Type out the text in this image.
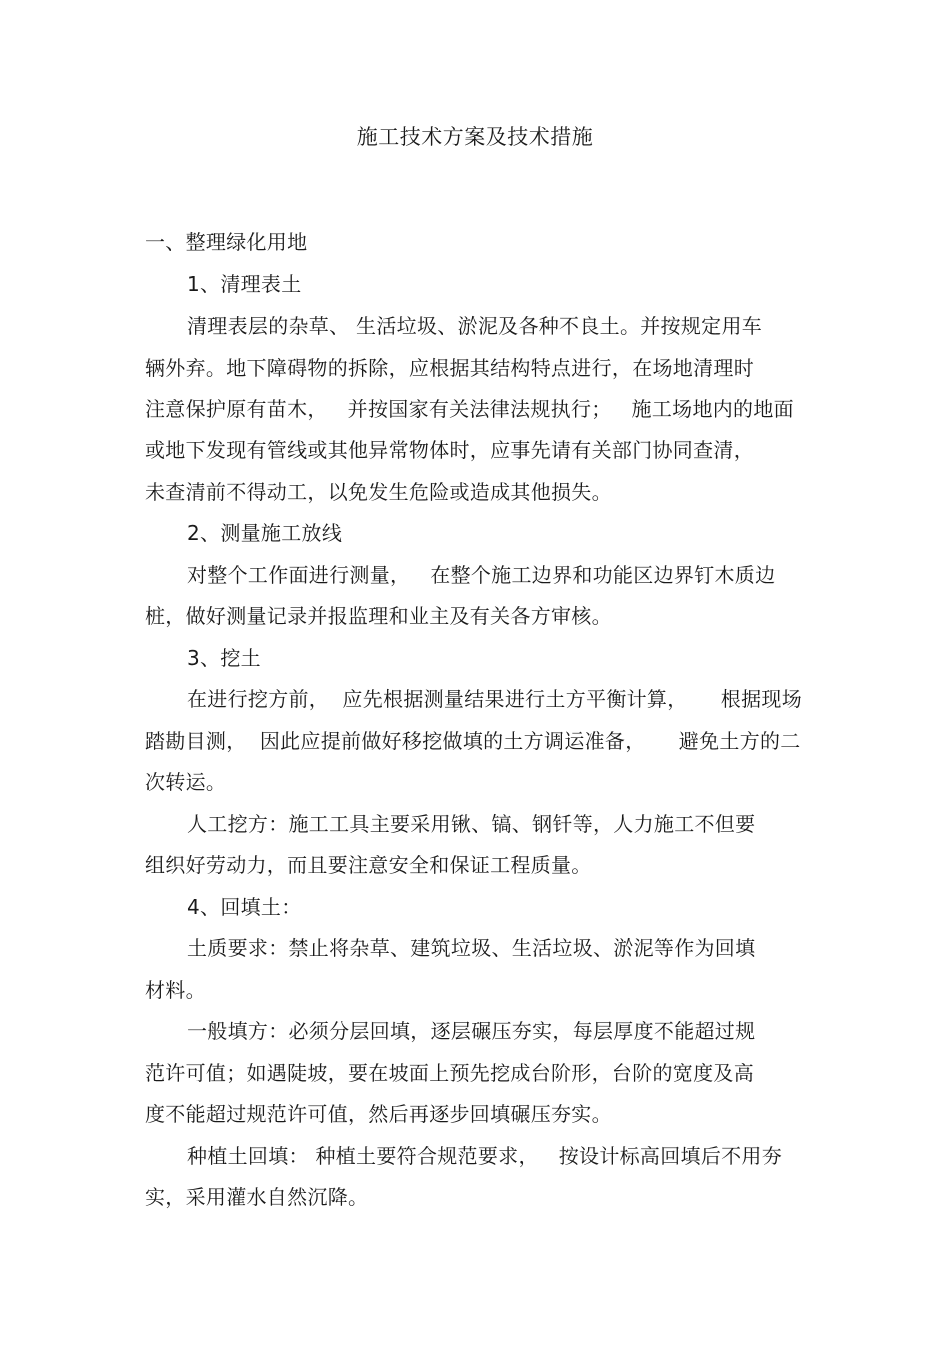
施工技术方案及技术措施
一、整理绿化用地
1、清理表土
清理表层的杂草、 生活垃圾、淤泥及各种不良土。并按规定用车
辆外弃。地下障碍物的拆除，应根据其结构特点进行，在场地清理时
注意保护原有苗木，   并按国家有关法律法规执行；   施工场地内的地面
或地下发现有管线或其他异常物体时，应事先请有关部门协同查清，
未查清前不得动工，以免发生危险或造成其他损失。
2、测量施工放线
对整个工作面进行测量，   在整个施工边界和功能区边界钉木质边
桩，做好测量记录并报监理和业主及有关各方审核。
3、挖土
在进行挖方前，  应先根据测量结果进行土方平衡计算，     根据现场
踏勘目测，  因此应提前做好移挖做填的土方调运准备，     避免土方的二
次转运。
人工挖方：施工工具主要采用锹、镐、钢钎等，人力施工不但要
组织好劳动力，而且要注意安全和保证工程质量。
4、回填土：
土质要求：禁止将杂草、建筑垃圾、生活垃圾、淤泥等作为回填
材料。
一般填方：必须分层回填，逐层碾压夯实，每层厚度不能超过规
范许可值；如遇陡坡，要在坡面上预先挖成台阶形，台阶的宽度及高
度不能超过规范许可值，然后再逐步回填碾压夯实。
种植土回填： 种植土要符合规范要求，   按设计标高回填后不用夯
实，采用灌水自然沉降。
